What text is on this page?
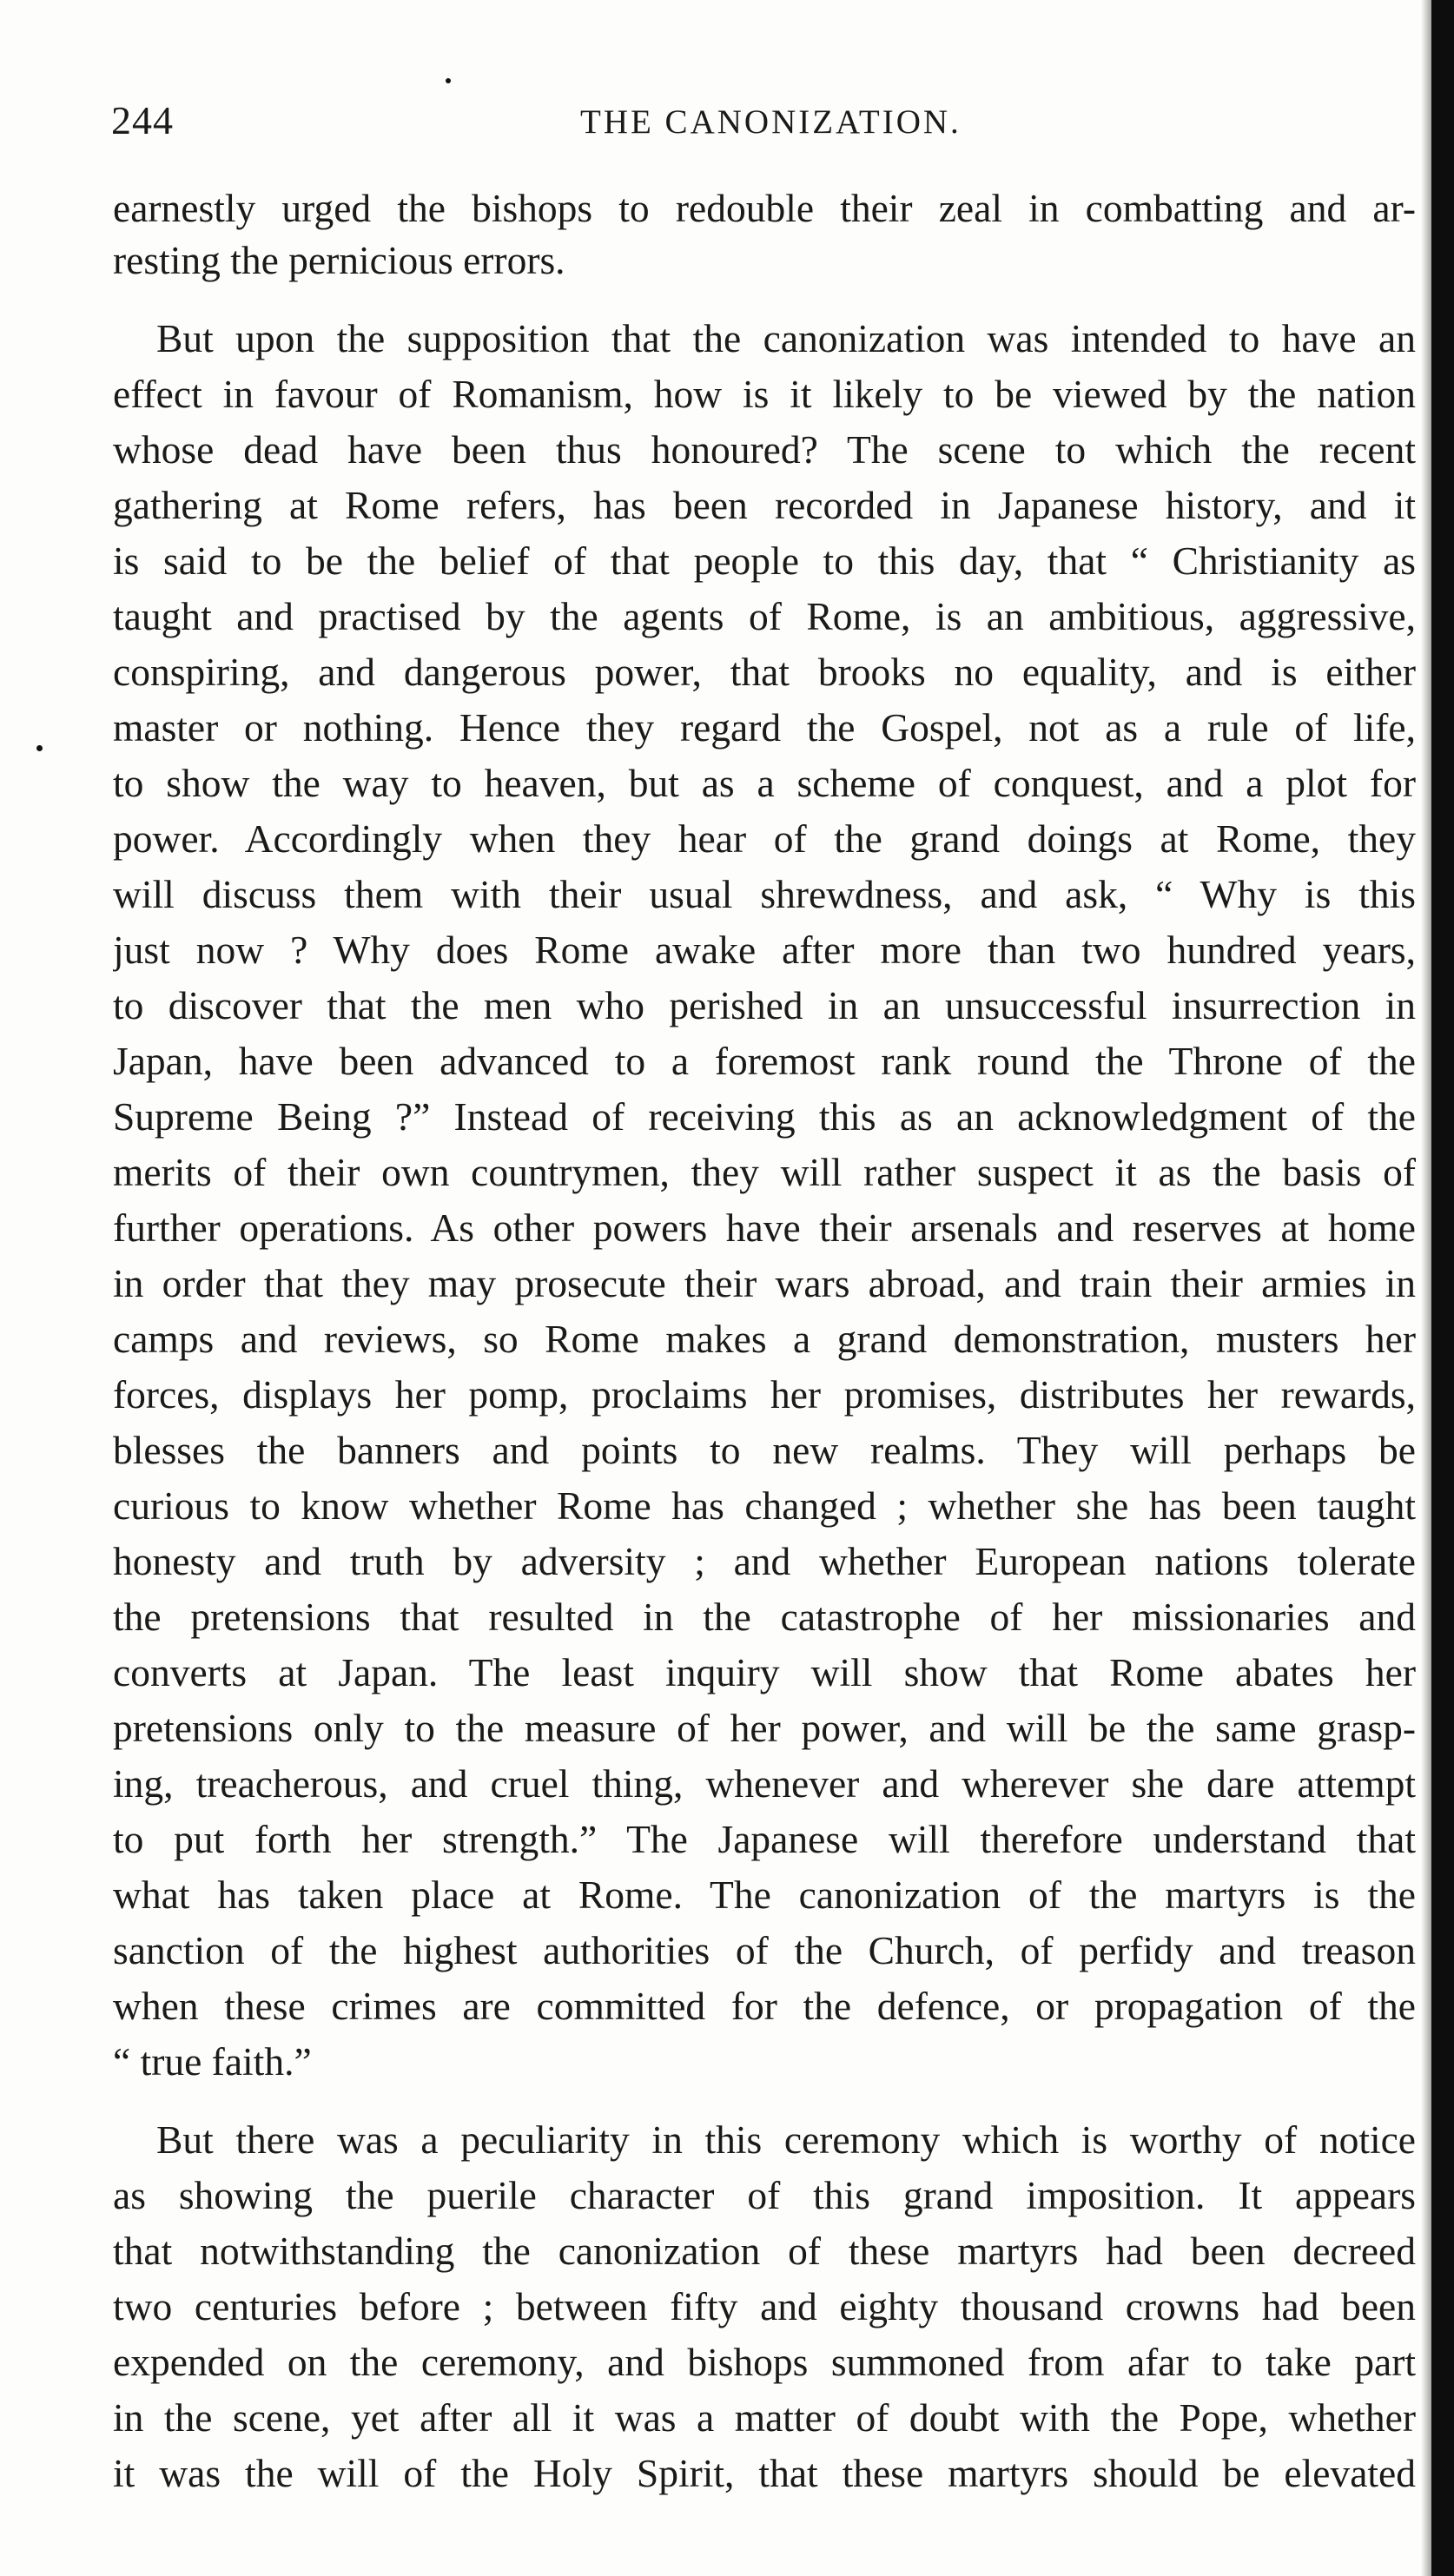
244	THE CANONIZATION.
earnestly urged the bishops to redouble their zeal in combatting and ar-
resting the pernicious errors.
But upon the supposition that the canonization was intended to have an
effect in favour of Romanism, how is it likely to be viewed by the nation
whose dead have been thus honoured? The scene to which the recent
gathering at Rome refers, has been recorded in Japanese history, and it
is said to be the belief of that people to this day, that “ Christianity as
taught and practised by the agents of Rome, is an ambitious, aggressive,
conspiring, and dangerous power, that brooks no equality, and is either
master or nothing. Hence they regard the Gospel, not as a rule of life,
to show the way to heaven, but as a scheme of conquest, and a plot for
power. Accordingly when they hear of the grand doings at Rome, they
will discuss them with their usual shrewdness, and ask, “ Why is this
just now ? Why does Rome awake after more than two hundred years,
to discover that the men who perished in an unsuccessful insurrection in
Japan, have been advanced to a foremost rank round the Throne of the
Supreme Being ?” Instead of receiving this as an acknowledgment of the
merits of their own countrymen, they will rather suspect it as the basis of
further operations. As other powers have their arsenals and reserves at home
in order that they may prosecute their wars abroad, and train their armies in
camps and reviews, so Rome makes a grand demonstration, musters her
forces, displays her pomp, proclaims her promises, distributes her rewards,
blesses the banners and points to new realms. They will perhaps be
curious to know whether Rome has changed ; whether she has been taught
honesty and truth by adversity ; and whether European nations tolerate
the pretensions that resulted in the catastrophe of her missionaries and
converts at Japan. The least inquiry will show that Rome abates her
pretensions only to the measure of her power, and will be the same grasp-
ing, treacherous, and cruel thing, whenever and wherever she dare attempt
to put forth her strength.” The Japanese will therefore understand that
what has taken place at Rome. The canonization of the martyrs is the
sanction of the highest authorities of the Church, of perfidy and treason
when these crimes are committed for the defence, or propagation of the
“ true faith.”
But there was a peculiarity in this ceremony which is worthy of notice
as showing the puerile character of this grand imposition. It appears
that notwithstanding the canonization of these martyrs had been decreed
two centuries before ; between fifty and eighty thousand crowns had been
expended on the ceremony, and bishops summoned from afar to take part
in the scene, yet after all it was a matter of doubt with the Pope, whether
it was the will of the Holy Spirit, that these martyrs should be elevated
